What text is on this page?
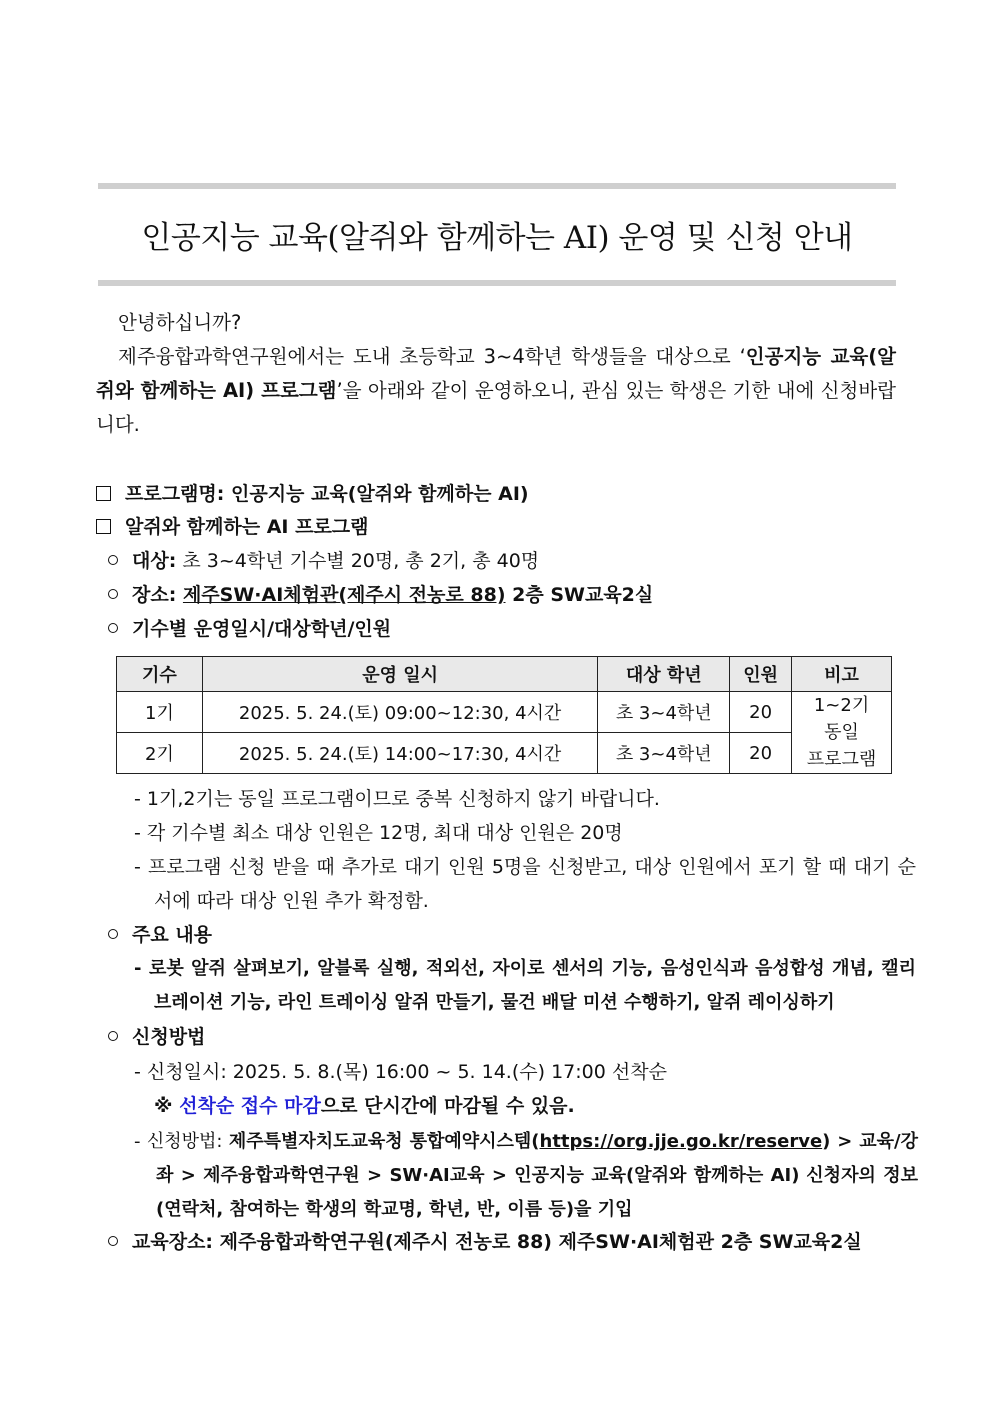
인공지능 교육(알쥐와 함께하는 AI) 운영 및 신청 안내
안녕하십니까?
제주융합과학연구원에서는 도내 초등학교 3~4학년 학생들을 대상으로 ‘인공지능 교육(알쥐와 함께하는 AI) 프로그램’을 아래와 같이 운영하오니, 관심 있는 학생은 기한 내에 신청바랍니다.
프로그램명: 인공지능 교육(알쥐와 함께하는 AI)
알쥐와 함께하는 AI 프로그램
대상: 초 3~4학년 기수별 20명, 총 2기, 총 40명
장소: 제주SW·AI체험관(제주시 전농로 88) 2층 SW교육2실
기수별 운영일시/대상학년/인원
기수	운영 일시	대상 학년	인원	비고
1기	2025. 5. 24.(토) 09:00~12:30, 4시간	초 3~4학년	20	1~2기
동일
프로그램

2기	2025. 5. 24.(토) 14:00~17:30, 4시간	초 3~4학년	20	
- 1기,2기는 동일 프로그램이므로 중복 신청하지 않기 바랍니다.
- 각 기수별 최소 대상 인원은 12명, 최대 대상 인원은 20명
- 프로그램 신청 받을 때 추가로 대기 인원 5명을 신청받고, 대상 인원에서 포기 할 때 대기 순서에 따라 대상 인원 추가 확정함.
주요 내용
- 로봇 알쥐 살펴보기, 알블록 실행, 적외선, 자이로 센서의 기능, 음성인식과 음성합성 개념, 캘리브레이션 기능, 라인 트레이싱 알쥐 만들기, 물건 배달 미션 수행하기, 알쥐 레이싱하기
신청방법
- 신청일시: 2025. 5. 8.(목) 16:00 ~ 5. 14.(수) 17:00 선착순
※ 선착순 접수 마감으로 단시간에 마감될 수 있음.
- 신청방법: 제주특별자치도교육청 통합예약시스템(https://org.jje.go.kr/reserve) > 교육/강좌 > 제주융합과학연구원 > SW·AI교육 > 인공지능 교육(알쥐와 함께하는 AI) 신청자의 정보(연락처, 참여하는 학생의 학교명, 학년, 반, 이름 등)을 기입
교육장소: 제주융합과학연구원(제주시 전농로 88) 제주SW·AI체험관 2층 SW교육2실
